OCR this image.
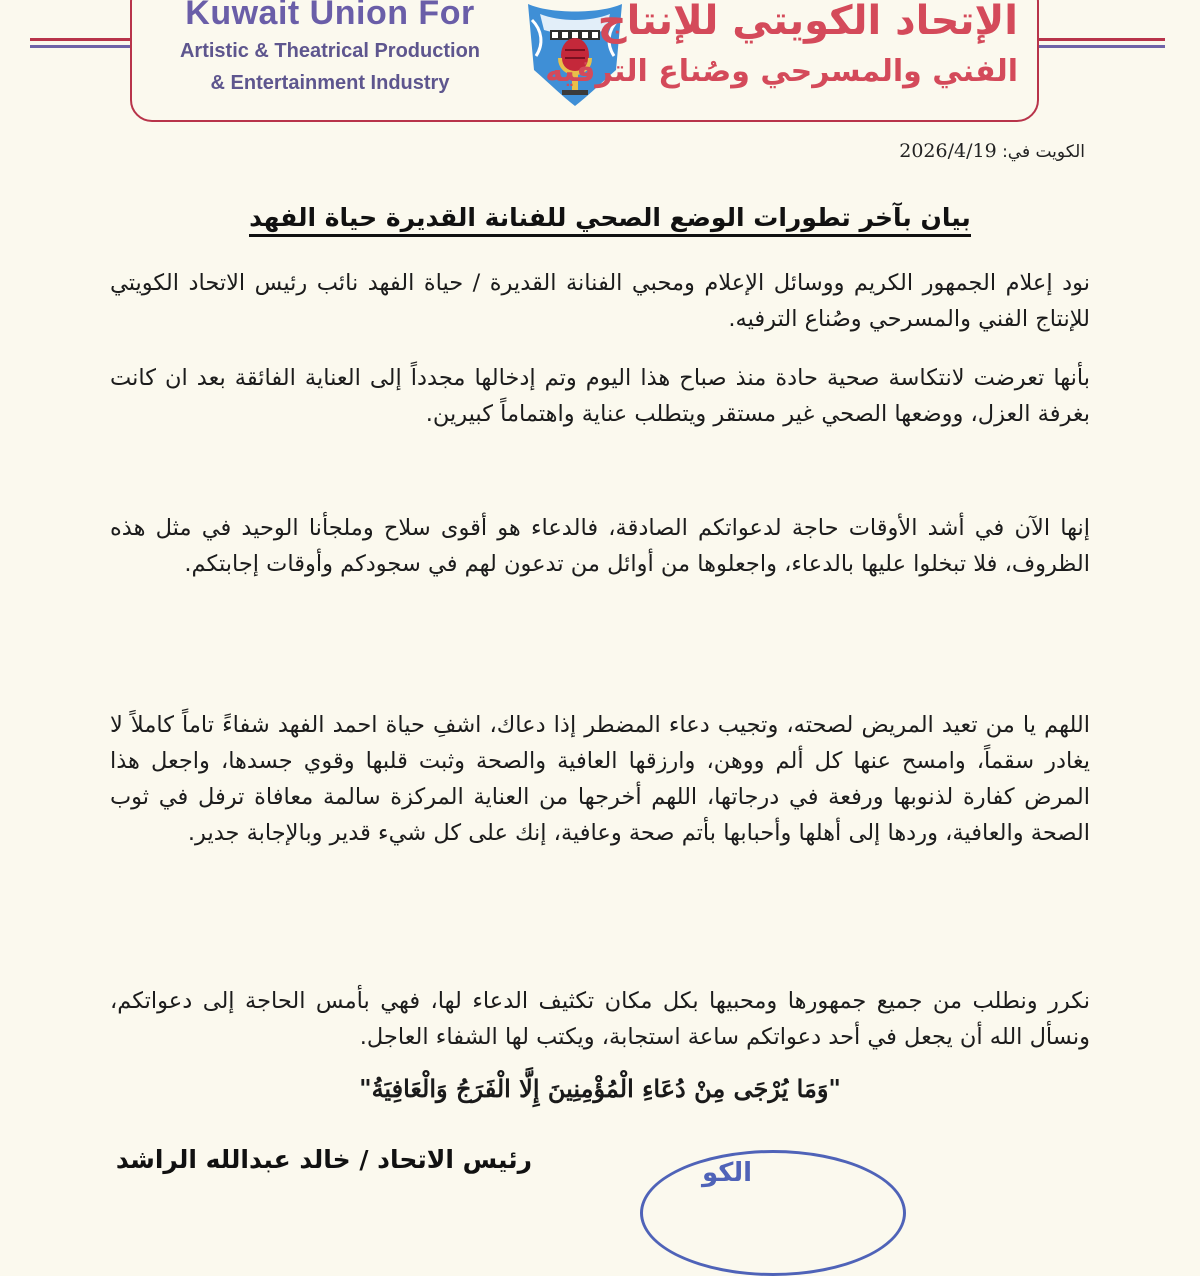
Kuwait Union For
Artistic & Theatrical Production
& Entertainment Industry
الإتحاد الكويتي للإنتاج
الفني والمسرحي وصُناع الترفيه
الكويت في: 2026/4/19
بيان بآخر تطورات الوضع الصحي للفنانة القديرة حياة الفهد

نود إعلام الجمهور الكريم ووسائل الإعلام ومحبي الفنانة القديرة / حياة الفهد نائب رئيس الاتحاد الكويتي للإنتاج الفني والمسرحي وصُناع الترفيه.

بأنها تعرضت لانتكاسة صحية حادة منذ صباح هذا اليوم وتم إدخالها مجدداً إلى العناية الفائقة بعد ان كانت بغرفة العزل، ووضعها الصحي غير مستقر ويتطلب عناية واهتماماً كبيرين.

إنها الآن في أشد الأوقات حاجة لدعواتكم الصادقة، فالدعاء هو أقوى سلاح وملجأنا الوحيد في مثل هذه الظروف، فلا تبخلوا عليها بالدعاء، واجعلوها من أوائل من تدعون لهم في سجودكم وأوقات إجابتكم.

اللهم يا من تعيد المريض لصحته، وتجيب دعاء المضطر إذا دعاك، اشفِ حياة احمد الفهد شفاءً تاماً كاملاً لا يغادر سقماً، وامسح عنها كل ألم ووهن، وارزقها العافية والصحة وثبت قلبها وقوي جسدها، واجعل هذا المرض كفارة لذنوبها ورفعة في درجاتها، اللهم أخرجها من العناية المركزة سالمة معافاة ترفل في ثوب الصحة والعافية، وردها إلى أهلها وأحبابها بأتم صحة وعافية، إنك على كل شيء قدير وبالإجابة جدير.

نكرر ونطلب من جميع جمهورها ومحبيها بكل مكان تكثيف الدعاء لها، فهي بأمس الحاجة إلى دعواتكم، ونسأل الله أن يجعل في أحد دعواتكم ساعة استجابة، ويكتب لها الشفاء العاجل.

"وَمَا يُرْجَى مِنْ دُعَاءِ الْمُؤْمِنِينَ إِلَّا الْفَرَجُ وَالْعَافِيَةُ"
الكو
رئيس الاتحاد / خالد عبدالله الراشد
